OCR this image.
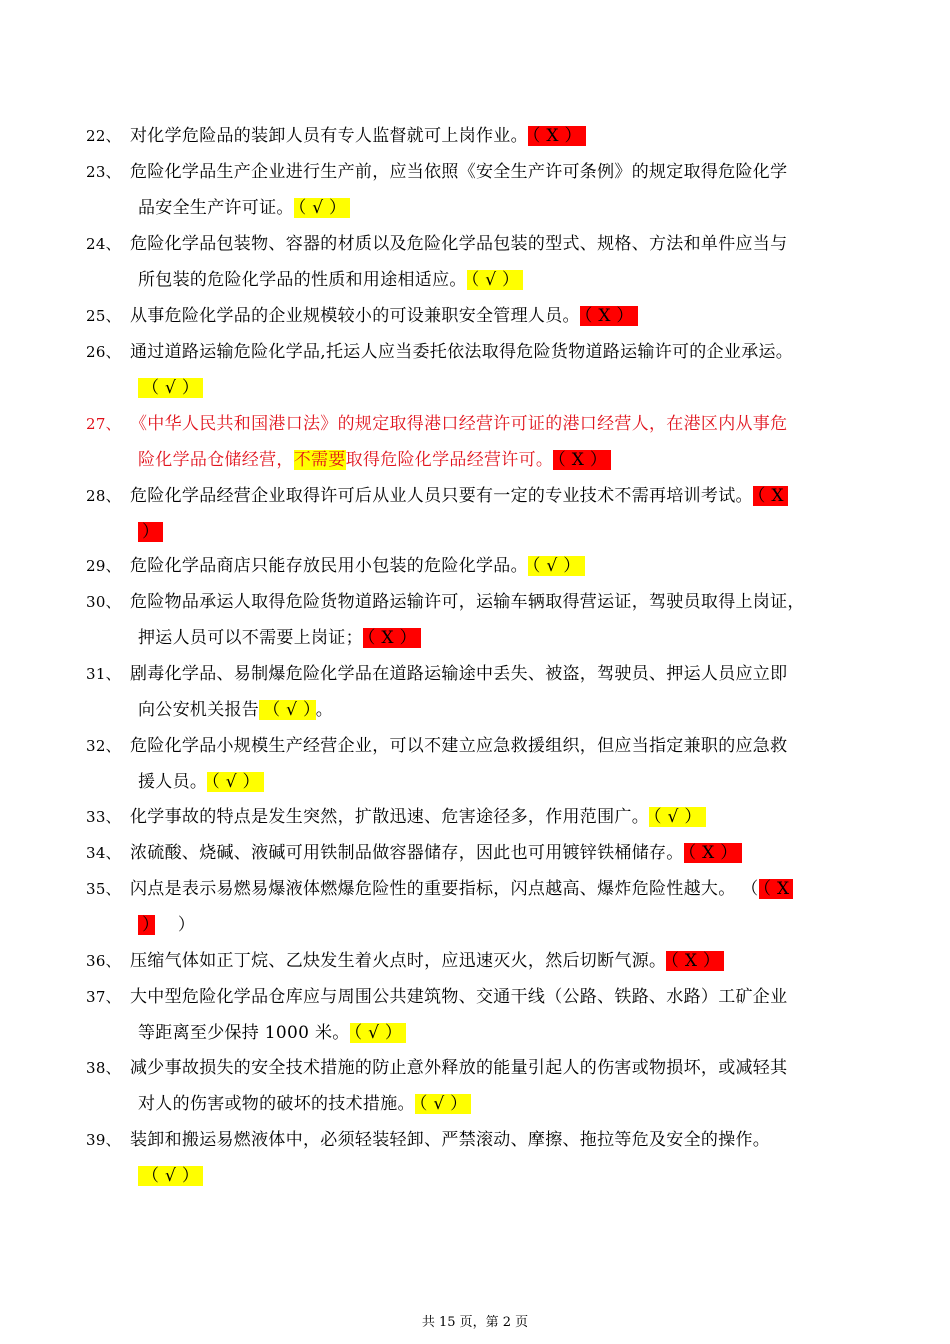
22、 对化学危险品的装卸人员有专人监督就可上岗作业。 （ X ）
23、 危险化学品生产企业进行生产前，应当依照《安全生产许可条例》的规定取得危险化学
品安全生产许可证。 （ √ ）
24、 危险化学品包装物、容器的材质以及危险化学品包装的型式、规格、方法和单件应当与
所包装的危险化学品的性质和用途相适应。 （ √ ）
25、 从事危险化学品的企业规模较小的可设兼职安全管理人员。 （ X ）
26、 通过道路运输危险化学品,托运人应当委托依法取得危险货物道路运输许可的企业承运。
（ √ ）
27、 《中华人民共和国港口法》的规定取得港口经营许可证的港口经营人，在港区内从事危
险化学品仓储经营，不需要取得危险化学品经营许可。 （ X ）
28、 危险化学品经营企业取得许可后从业人员只要有一定的专业技术不需再培训考试。 （ X
）
29、 危险化学品商店只能存放民用小包装的危险化学品。 （ √ ）
30、 危险物品承运人取得危险货物道路运输许可，运输车辆取得营运证，驾驶员取得上岗证，
押运人员可以不需要上岗证； （ X ）
31、 剧毒化学品、易制爆危险化学品在道路运输途中丢失、被盗，驾驶员、押运人员应立即
向公安机关报告 （ √ ） 。
32、 危险化学品小规模生产经营企业，可以不建立应急救援组织，但应当指定兼职的应急救
援人员。 （ √ ）
33、 化学事故的特点是发生突然，扩散迅速、危害途径多，作用范围广。 （ √ ）
34、 浓硫酸、烧碱、液碱可用铁制品做容器储存，因此也可用镀锌铁桶储存。 （ X ）
35、 闪点是表示易燃易爆液体燃爆危险性的重要指标，闪点越高、爆炸危险性越大。 （ （ X
）　 ）
36、 压缩气体如正丁烷、乙炔发生着火点时，应迅速灭火，然后切断气源。 （ X ）
37、 大中型危险化学品仓库应与周围公共建筑物、交通干线（公路、铁路、水路）工矿企业
等距离至少保持 1000 米。 （ √ ）
38、 减少事故损失的安全技术措施的防止意外释放的能量引起人的伤害或物损坏，或减轻其
对人的伤害或物的破坏的技术措施。 （ √ ）
39、 装卸和搬运易燃液体中，必须轻装轻卸、严禁滚动、摩擦、拖拉等危及安全的操作。
（ √ ）
共 15 页，第 2 页
